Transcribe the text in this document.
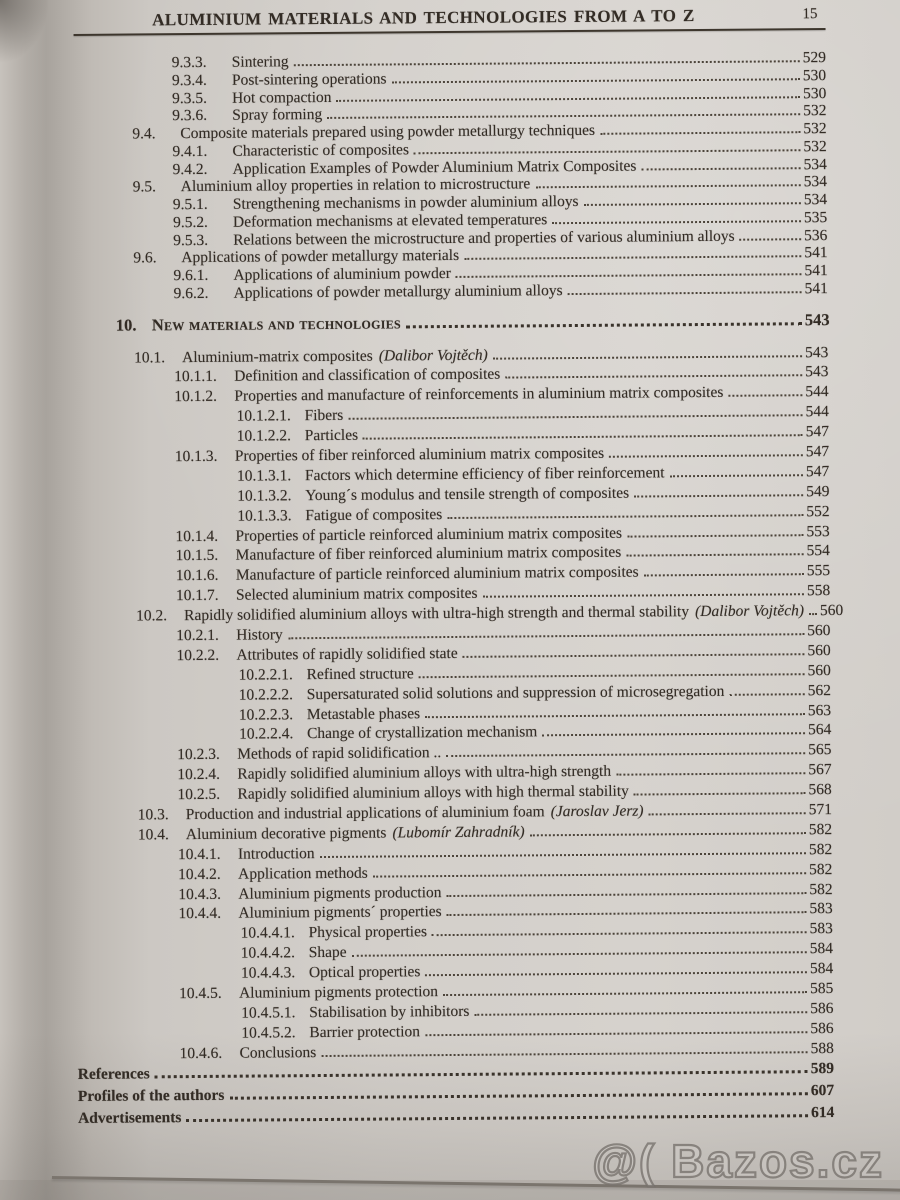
ALUMINIUM MATERIALS AND TECHNOLOGIES FROM A TO Z	15
9.3.3.	Sintering	529
9.3.4.	Post-sintering operations	530
9.3.5.	Hot compaction	530
9.3.6.	Spray forming	532
9.4.	Composite materials prepared using powder metallurgy techniques	532
9.4.1.	Characteristic of composites	532
9.4.2.	Application Examples of Powder Aluminium Matrix Composites	534
9.5.	Aluminium alloy properties in relation to microstructure	534
9.5.1.	Strengthening mechanisms in powder aluminium alloys	534
9.5.2.	Deformation mechanisms at elevated temperatures	535
9.5.3.	Relations between the microstructure and properties of various aluminium alloys	536
9.6.	Applications of powder metallurgy materials	541
9.6.1.	Applications of aluminium powder	541
9.6.2.	Applications of powder metallurgy aluminium alloys	541
10. New materials and technologies	543
10.1.	Aluminium-matrix composites (Dalibor Vojtěch)	543
10.1.1.	Definition and classification of composites	543
10.1.2.	Properties and manufacture of reinforcements in aluminium matrix composites	544
10.1.2.1. Fibers	544
10.1.2.2. Particles	547
10.1.3.	Properties of fiber reinforced aluminium matrix composites	547
10.1.3.1. Factors which determine efficiency of fiber reinforcement	547
10.1.3.2. Young´s modulus and tensile strength of composites	549
10.1.3.3. Fatigue of composites	552
10.1.4.	Properties of particle reinforced aluminium matrix composites	553
10.1.5.	Manufacture of fiber reinforced aluminium matrix composites	554
10.1.6.	Manufacture of particle reinforced aluminium matrix composites	555
10.1.7.	Selected aluminium matrix composites	558
10.2.	Rapidly solidified aluminium alloys with ultra-high strength and thermal stability (Dalibor Vojtěch) 560
10.2.1.	History	560
10.2.2.	Attributes of rapidly solidified state	560
10.2.2.1. Refined structure	560
10.2.2.2. Supersaturated solid solutions and suppression of microsegregation	562
10.2.2.3. Metastable phases	563
10.2.2.4. Change of crystallization mechanism	564
10.2.3.	Methods of rapid solidification ..	565
10.2.4.	Rapidly solidified aluminium alloys with ultra-high strength	567
10.2.5.	Rapidly solidified aluminium alloys with high thermal stability	568
10.3.	Production and industrial applications of aluminium foam (Jaroslav Jerz)	571
10.4.	Aluminium decorative pigments (Lubomír Zahradník)	582
10.4.1.	Introduction	582
10.4.2.	Application methods	582
10.4.3.	Aluminium pigments production	582
10.4.4.	Aluminium pigments´ properties	583
10.4.4.1. Physical properties	583
10.4.4.2. Shape	584
10.4.4.3. Optical properties	584
10.4.5.	Aluminium pigments protection	585
10.4.5.1. Stabilisation by inhibitors	586
10.4.5.2. Barrier protection	586
10.4.6.	Conclusions	588
References	589
Profiles of the authors	607
Advertisements	614
@( Bazos.cz
